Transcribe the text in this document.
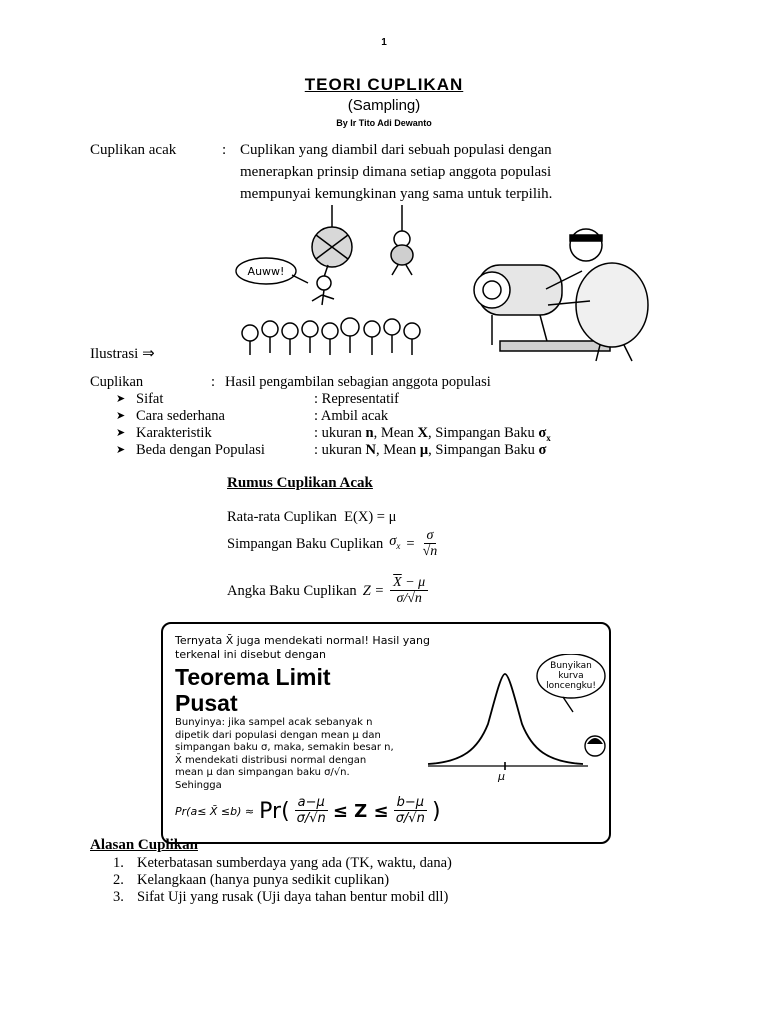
1
TEORI CUPLIKAN
(Sampling)
By Ir Tito Adi Dewanto
Cuplikan acak	: Cuplikan yang diambil dari sebuah populasi dengan
menerapkan prinsip dimana setiap anggota populasi
mempunyai kemungkinan yang sama untuk terpilih.
Auww!
Ilustrasi ⇒
Cuplikan	: Hasil pengambilan sebagian anggota populasi
➤ Sifat	: Representatif
➤ Cara sederhana	: Ambil acak
➤ Karakteristik	: ukuran n, Mean X, Simpangan Baku $\sigma_x$
➤ Beda dengan Populasi	: ukuran N, Mean μ, Simpangan Baku σ
Rumus Cuplikan Acak
Rata-rata Cuplikan E(X) = μ
Simpangan Baku Cuplikan $\sigma_x = \frac{\sigma}{√n}$
Angka Baku Cuplikan $Z = \frac{\overline{X} - \mu}{\sigma/√n}$
Ternyata X̄ juga mendekati normal! Hasil yang
terkenal ini disebut dengan
Teorema Limit
Pusat
Bunyinya: jika sampel acak sebanyak n
dipetik dari populasi dengan mean μ dan
simpangan baku σ, maka, semakin besar n,
X̄ mendekati distribusi normal dengan
mean μ dan simpangan baku σ/√n.
Sehingga
Bunyikan
kurva
loncengku!
μ
Pr(a≤ X̄ $\le b) \approx Pr( \frac{a-\mu}{\sigma/√n} \le Z \le \frac{b-\mu}{\sigma/√n}$ )
Alasan Cuplikan
1. Keterbatasan sumberdaya yang ada (TK, waktu, dana)
2. Kelangkaan (hanya punya sedikit cuplikan)
3. Sifat Uji yang rusak (Uji daya tahan bentur mobil dll)
